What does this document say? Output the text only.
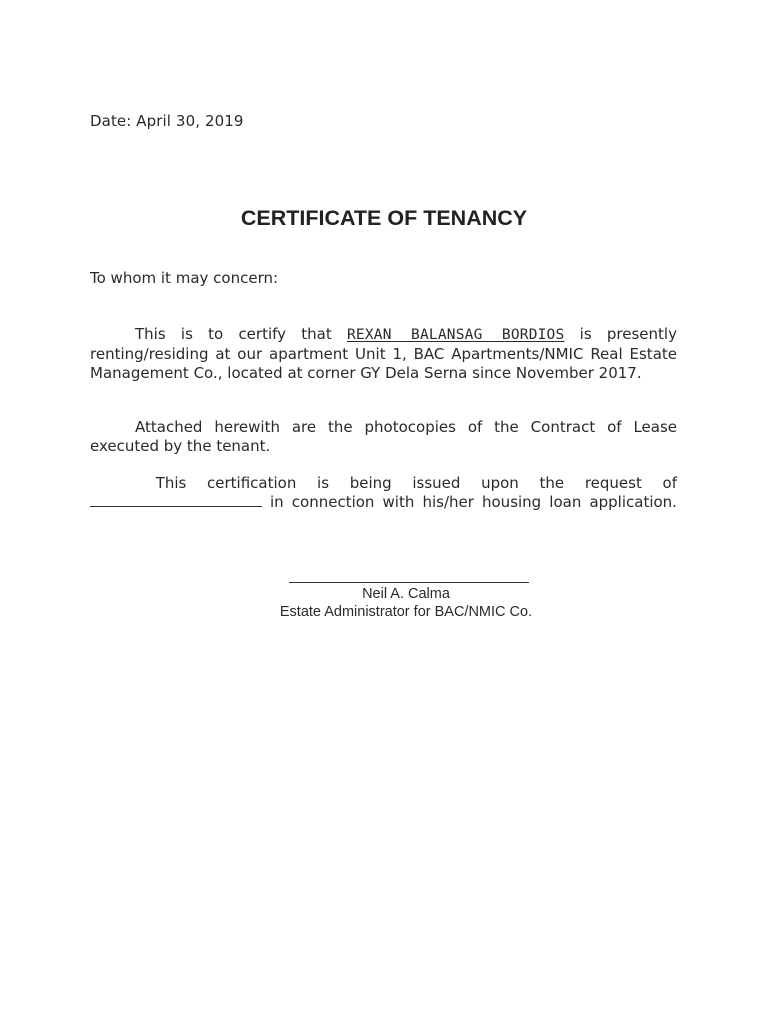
Date: April 30, 2019
CERTIFICATE OF TENANCY
To whom it may concern:
This is to certify that REXAN BALANSAG BORDIOS is presently renting/residing at our apartment Unit 1, BAC Apartments/NMIC Real Estate Management Co., located at corner GY Dela Serna since November 2017.
Attached herewith are the photocopies of the Contract of Lease executed by the tenant.
This certification is being issued upon the request of
in connection with his/her housing loan application.
Neil A. Calma
Estate Administrator for BAC/NMIC Co.
